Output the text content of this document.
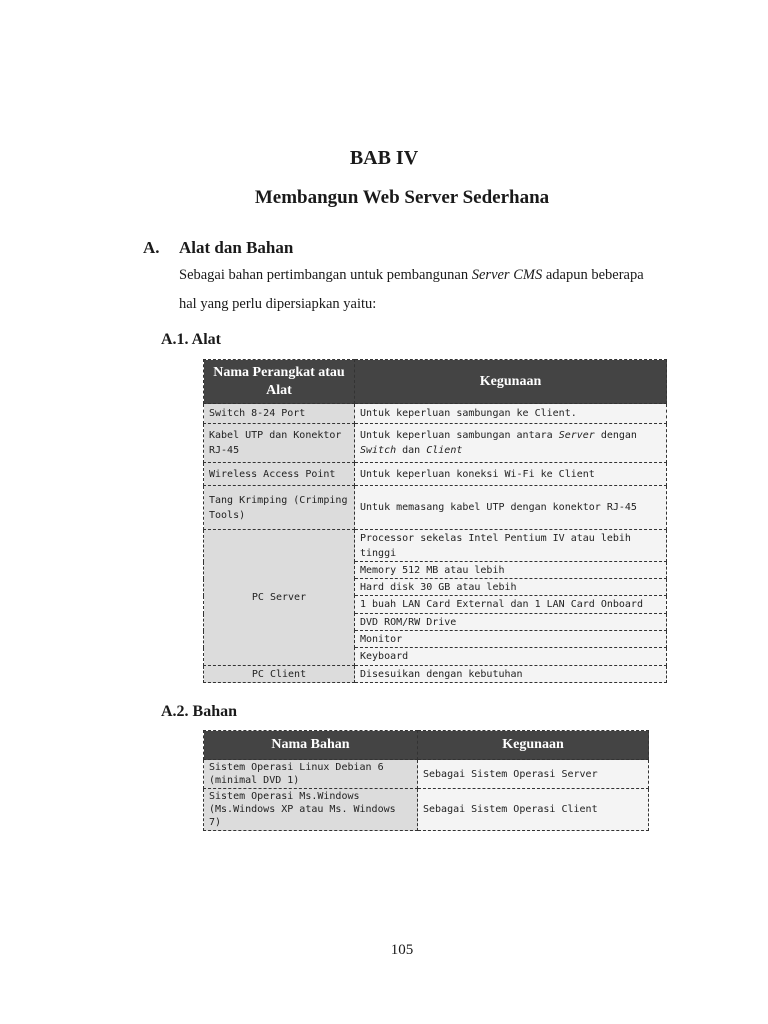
BAB IV
Membangun Web Server Sederhana
A. Alat dan Bahan
Sebagai bahan pertimbangan untuk pembangunan Server CMS adapun beberapa
hal yang perlu dipersiapkan yaitu:
A.1. Alat
Nama Perangkat atau Alat	Kegunaan
Switch 8-24 Port	Untuk keperluan sambungan ke Client.
Kabel UTP dan Konektor RJ-45	Untuk keperluan sambungan antara Server dengan Switch dan Client
Wireless Access Point	Untuk keperluan koneksi Wi-Fi ke Client
Tang Krimping (Crimping Tools)	Untuk memasang kabel UTP dengan konektor RJ-45
PC Server	Processor sekelas Intel Pentium IV atau lebih tinggi
	Memory 512 MB atau lebih
	Hard disk 30 GB atau lebih
	1 buah LAN Card External dan 1 LAN Card Onboard
	DVD ROM/RW Drive
	Monitor
	Keyboard
PC Client	Disesuikan dengan kebutuhan
A.2. Bahan
Nama Bahan	Kegunaan
Sistem Operasi Linux Debian 6 (minimal DVD 1)	Sebagai Sistem Operasi Server
Sistem Operasi Ms.Windows (Ms.Windows XP atau Ms. Windows 7)	Sebagai Sistem Operasi Client
105
